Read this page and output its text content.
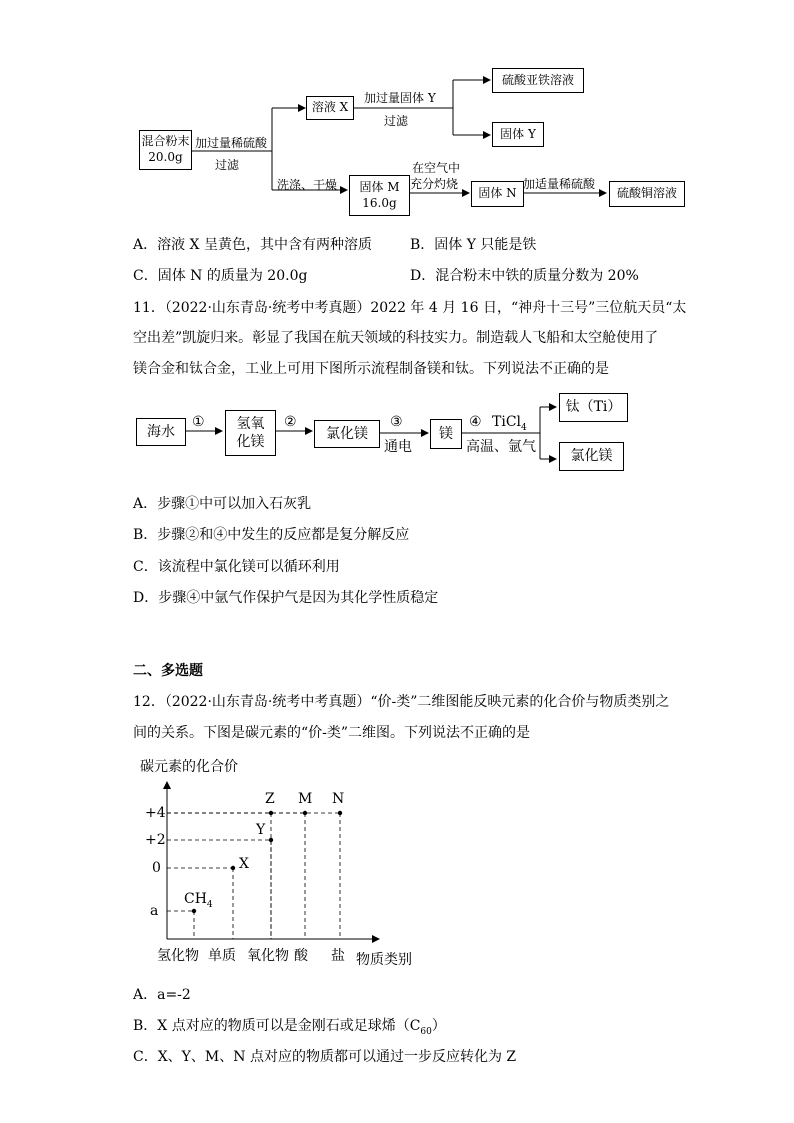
混合粉末
20.0g
加过量稀硫酸
过滤
溶液 X
加过量固体 Y
过滤
硫酸亚铁溶液
固体 Y
洗涤、干燥 固体 M
16.0g
在空气中
充分灼烧
固体 N
加适量稀硫酸
硫酸铜溶液
A．溶液 X 呈黄色，其中含有两种溶质	B．固体 Y 只能是铁
C．固体 N 的质量为 20.0g	D．混合粉末中铁的质量分数为 20%
11．（2022·山东青岛·统考中考真题）2022 年 4 月 16 日，“神舟十三号”三位航天员“太
空出差”凯旋归来。彰显了我国在航天领域的科技实力。制造载人飞船和太空舱使用了
镁合金和钛合金，工业上可用下图所示流程制备镁和钛。下列说法不正确的是
海水
① 氢氧
化镁
②
氯化镁
③
通电
镁
④ TiCl$_4$
高温、氩气
钛（Ti）
氯化镁
A．步骤①中可以加入石灰乳
B．步骤②和④中发生的反应都是复分解反应
C．该流程中氯化镁可以循环利用
D．步骤④中氩气作保护气是因为其化学性质稳定
二、多选题
12．（2022·山东青岛·统考中考真题）“价-类”二维图能反映元素的化合价与物质类别之
间的关系。下图是碳元素的“价-类”二维图。下列说法不正确的是
碳元素的化合价
+4
+2
0
a
氢化物 单质 氧化物 酸 盐 物质类别
$CH_4$
X
Y
Z M N
A．a=-2
B．X 点对应的物质可以是金刚石或足球烯$(C_{60})$
C．X、Y、M、N 点对应的物质都可以通过一步反应转化为 Z
